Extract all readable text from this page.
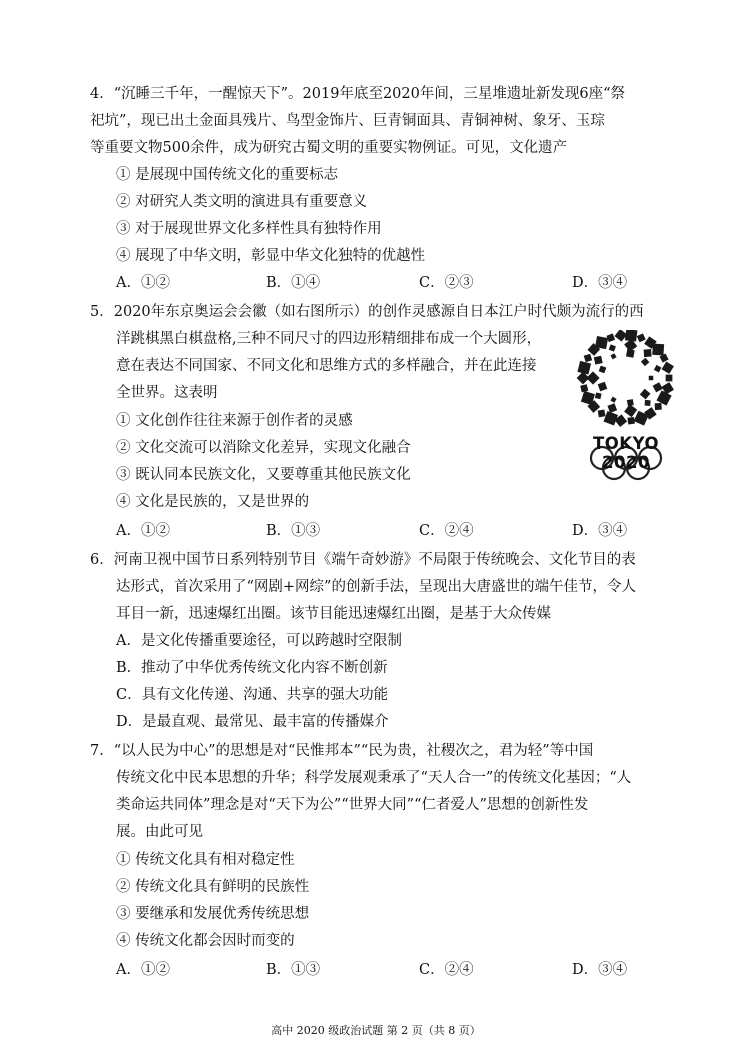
4．“沉睡三千年，一醒惊天下”。2019年底至2020年间，三星堆遗址新发现6座“祭
祀坑”，现已出土金面具残片、鸟型金饰片、巨青铜面具、青铜神树、象牙、玉琮
等重要文物500余件，成为研究古蜀文明的重要实物例证。可见，文化遗产
① 是展现中国传统文化的重要标志
② 对研究人类文明的演进具有重要意义
③ 对于展现世界文化多样性具有独特作用
④ 展现了中华文明，彰显中华文化独特的优越性
A．①②	B．①④	C．②③	D．③④
5．2020年东京奥运会会徽（如右图所示）的创作灵感源自日本江户时代颇为流行的西
洋跳棋黑白棋盘格,三种不同尺寸的四边形精细排布成一个大圆形，
意在表达不同国家、不同文化和思维方式的多样融合，并在此连接
全世界。这表明
① 文化创作往往来源于创作者的灵感
② 文化交流可以消除文化差异，实现文化融合
③ 既认同本民族文化，又要尊重其他民族文化
④ 文化是民族的，又是世界的
A．①②	B．①③	C．②④	D．③④
TOKYO 2020
6．河南卫视中国节日系列特别节目《端午奇妙游》不局限于传统晚会、文化节目的表
达形式，首次采用了“网剧+网综”的创新手法，呈现出大唐盛世的端午佳节，令人
耳目一新，迅速爆红出圈。该节目能迅速爆红出圈，是基于大众传媒
A．是文化传播重要途径，可以跨越时空限制
B．推动了中华优秀传统文化内容不断创新
C．具有文化传递、沟通、共享的强大功能
D．是最直观、最常见、最丰富的传播媒介
7．“以人民为中心”的思想是对“民惟邦本”“民为贵，社稷次之，君为轻”等中国
传统文化中民本思想的升华；科学发展观秉承了“天人合一”的传统文化基因；“人
类命运共同体”理念是对“天下为公”“世界大同”“仁者爱人”思想的创新性发
展。由此可见
① 传统文化具有相对稳定性
② 传统文化具有鲜明的民族性
③ 要继承和发展优秀传统思想
④ 传统文化都会因时而变的
A．①②	B．①③	C．②④	D．③④
高中 2020 级政治试题 第 2 页（共 8 页）
